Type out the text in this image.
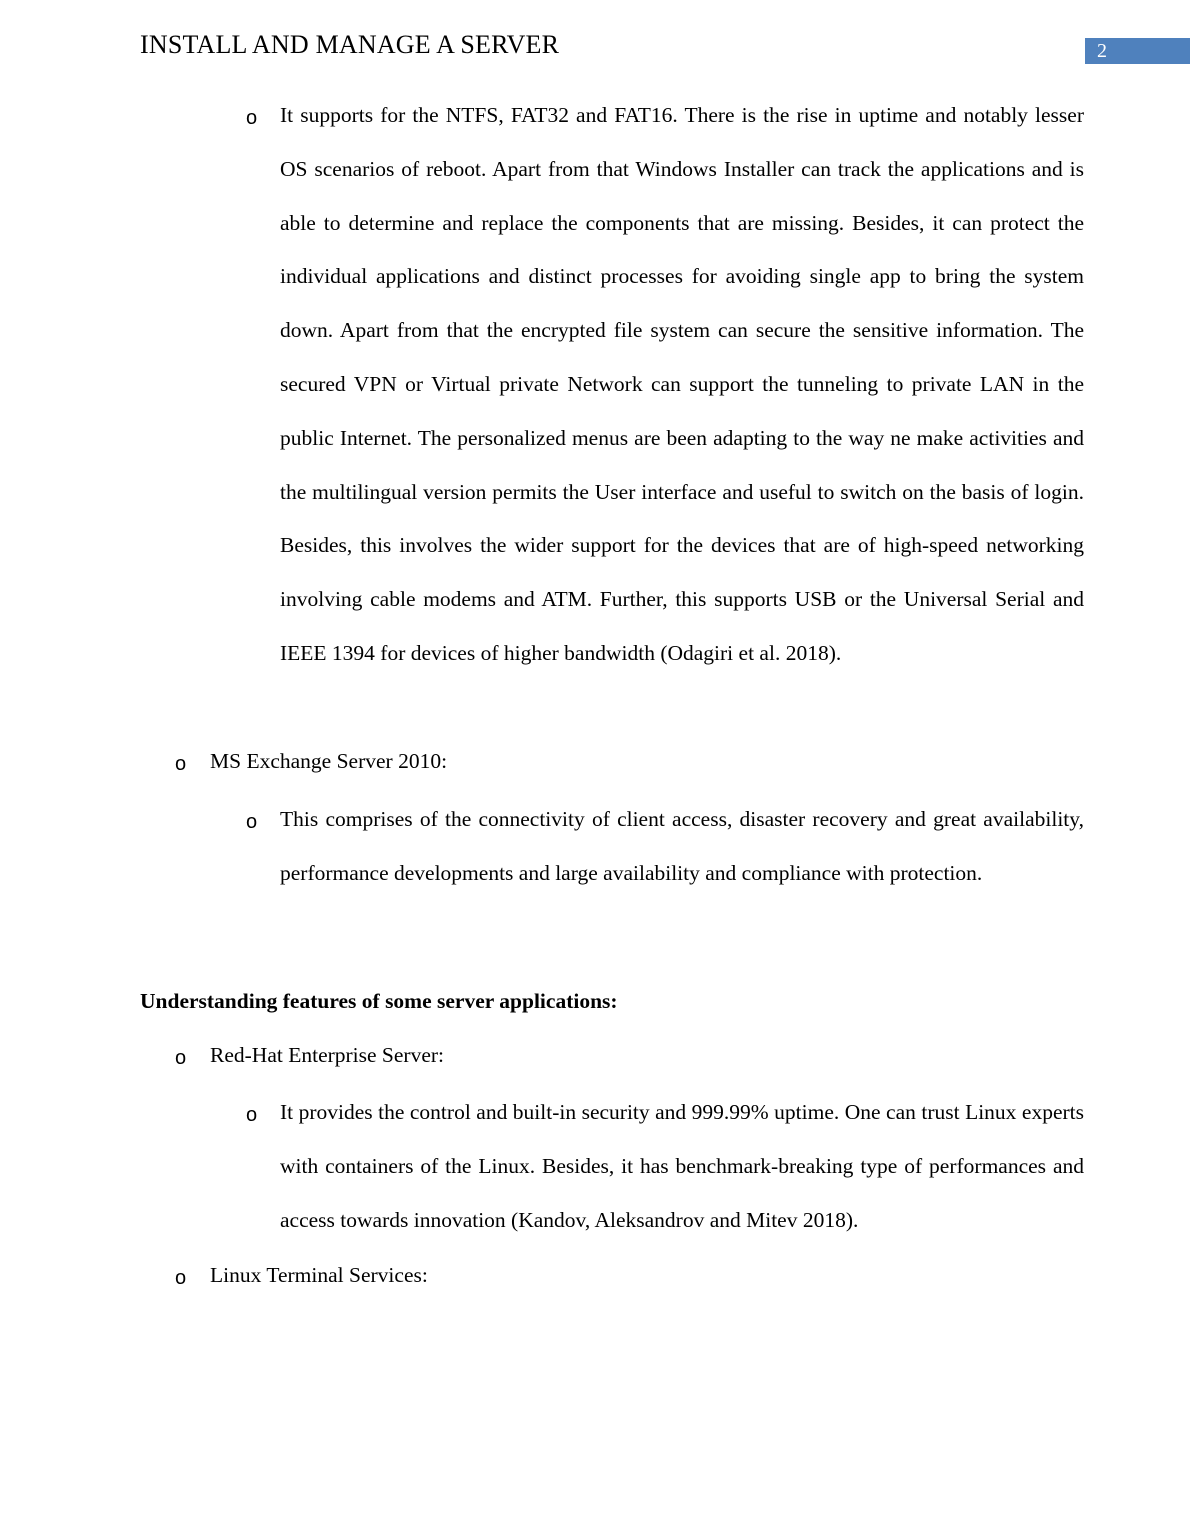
INSTALL AND MANAGE A SERVER	2
o It supports for the NTFS, FAT32 and FAT16. There is the rise in uptime and notably lesser OS scenarios of reboot. Apart from that Windows Installer can track the applications and is able to determine and replace the components that are missing. Besides, it can protect the individual applications and distinct processes for avoiding single app to bring the system down. Apart from that the encrypted file system can secure the sensitive information. The secured VPN or Virtual private Network can support the tunneling to private LAN in the public Internet. The personalized menus are been adapting to the way ne make activities and the multilingual version permits the User interface and useful to switch on the basis of login. Besides, this involves the wider support for the devices that are of high-speed networking involving cable modems and ATM. Further, this supports USB or the Universal Serial and IEEE 1394 for devices of higher bandwidth (Odagiri et al. 2018).

o MS Exchange Server 2010:
o This comprises of the connectivity of client access, disaster recovery and great availability, performance developments and large availability and compliance with protection.

Understanding features of some server applications:
o Red-Hat Enterprise Server:
o It provides the control and built-in security and 999.99% uptime. One can trust Linux experts with containers of the Linux. Besides, it has benchmark-breaking type of performances and access towards innovation (Kandov, Aleksandrov and Mitev 2018).

o Linux Terminal Services:
